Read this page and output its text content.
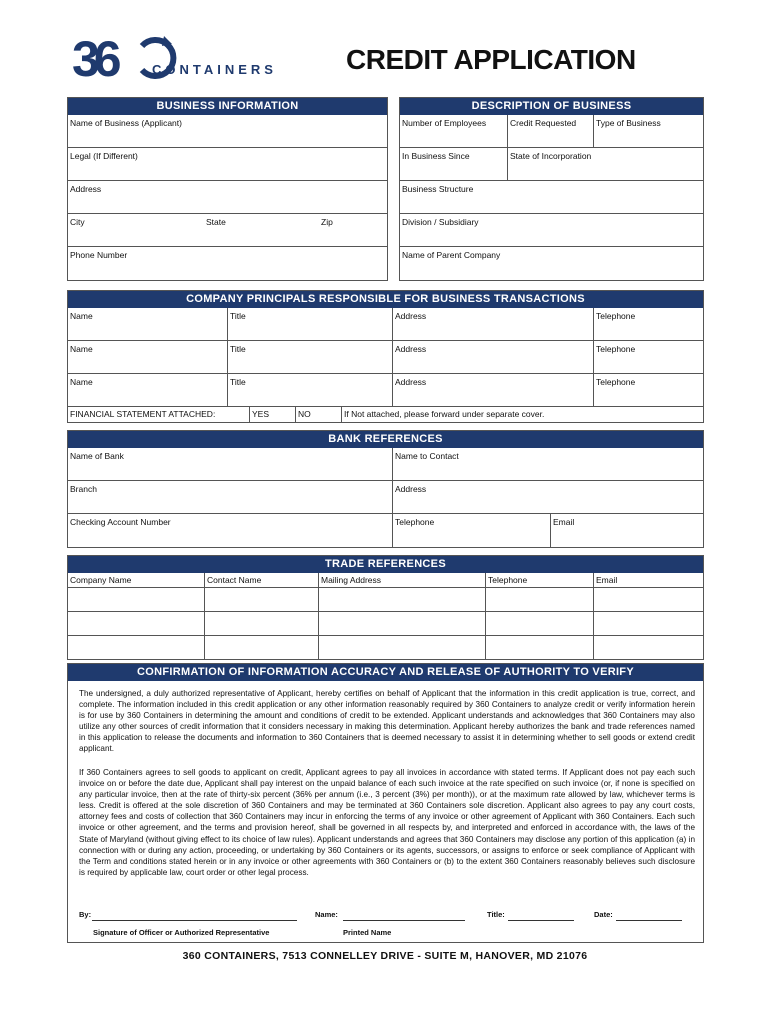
36	CONTAINERS CREDIT APPLICATION
BUSINESS INFORMATION
Name of Business (Applicant)
Legal (If Different)
Address
City	State	Zip
Phone Number
DESCRIPTION OF BUSINESS
Number of Employees	Credit Requested	Type of Business
In Business Since	State of Incorporation
Business Structure
Division / Subsidiary
Name of Parent Company
COMPANY PRINCIPALS RESPONSIBLE FOR BUSINESS TRANSACTIONS
Name	Title	Address	Telephone
Name	Title	Address	Telephone
Name	Title	Address	Telephone
FINANCIAL STATEMENT ATTACHED:	YES	NO	If Not attached, please forward under separate cover.
BANK REFERENCES
Name of Bank	Name to Contact
Branch	Address
Checking Account Number	Telephone	Email
TRADE REFERENCES
Company Name	Contact Name	Mailing Address	Telephone	Email
CONFIRMATION OF INFORMATION ACCURACY AND RELEASE OF AUTHORITY TO VERIFY
The undersigned, a duly authorized representative of Applicant, hereby certifies on behalf of Applicant that the information in this credit application is true, correct, and complete. The information included in this credit application or any other information reasonably required by 360 Containers to analyze credit or verify information herein is for use by 360 Containers in determining the amount and conditions of credit to be extended. Applicant understands and acknowledges that 360 Containers may also utilize any other sources of credit information that it considers necessary in making this determination. Applicant hereby authorizes the bank and trade references named in this application to release the documents and information to 360 Containers that is deemed necessary to assist it in determining whether to sell goods or extend credit applicant.
If 360 Containers agrees to sell goods to applicant on credit, Applicant agrees to pay all invoices in accordance with stated terms. If Applicant does not pay each such invoice on or before the date due, Applicant shall pay interest on the unpaid balance of each such invoice at the rate specified on such invoice (or, if none is specified on any particular invoice, then at the rate of thirty-six percent (36% per annum (i.e., 3 percent (3%) per month)), or at the maximum rate allowed by law, whichever terms is less. Credit is offered at the sole discretion of 360 Containers and may be terminated at 360 Containers sole discretion. Applicant also agrees to pay any court costs, attorney fees and costs of collection that 360 Containers may incur in enforcing the terms of any invoice or other agreement of Applicant with 360 Containers. Each such invoice or other agreement, and the terms and provision hereof, shall be governed in all respects by, and interpreted and enforced in accordance with, the laws of the State of Maryland (without giving effect to its choice of law rules). Applicant understands and agrees that 360 Containers may disclose any portion of this application (a) in connection with or during any action, proceeding, or undertaking by 360 Containers or its agents, successors, or assigns to enforce or seek compliance of Applicant with the Term and conditions stated herein or in any invoice or other agreements with 360 Containers or (b) to the extent 360 Containers reasonably believes such disclosure is required by applicable law, court order or other legal process.
By:	Name:	Title:	Date:
Signature of Officer or Authorized Representative	Printed Name
360 CONTAINERS, 7513 CONNELLEY DRIVE - SUITE M, HANOVER, MD 21076
